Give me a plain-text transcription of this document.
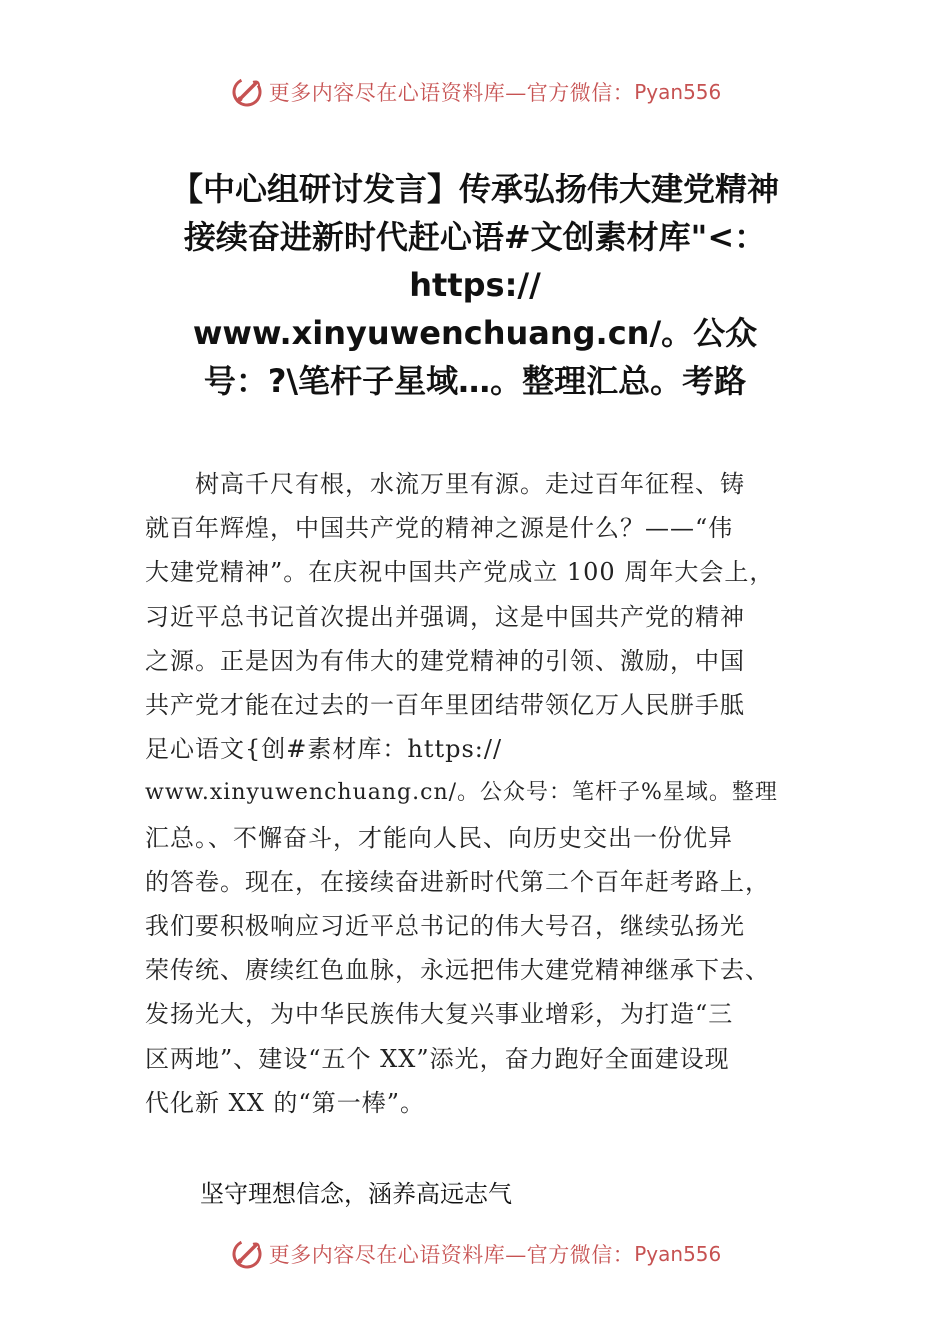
更多内容尽在心语资料库—官方微信： Pyan556
【中心组研讨发言】传承弘扬伟大建党精神
接续奋进新时代赶心语#文创素材库"<：
https://
www.xinyuwenchuang.cn/。公众
号：?\笔杆子星域…。整理汇总。考路
　　树高千尺有根，水流万里有源。走过百年征程、铸
就百年辉煌，中国共产党的精神之源是什么？——“伟
大建党精神”。在庆祝中国共产党成立 100 周年大会上，
习近平总书记首次提出并强调，这是中国共产党的精神
之源。正是因为有伟大的建党精神的引领、激励，中国
共产党才能在过去的一百年里团结带领亿万人民胼手胝
足心语文{创#素材库：https://
www.xinyuwenchuang.cn/。公众号：笔杆子%星域。整理
汇总。、不懈奋斗，才能向人民、向历史交出一份优异
的答卷。现在，在接续奋进新时代第二个百年赶考路上，
我们要积极响应习近平总书记的伟大号召，继续弘扬光
荣传统、赓续红色血脉，永远把伟大建党精神继承下去、
发扬光大，为中华民族伟大复兴事业增彩，为打造“三
区两地”、建设“五个 XX”添光，奋力跑好全面建设现
代化新 XX 的“第一棒”。
坚守理想信念，涵养高远志气
更多内容尽在心语资料库—官方微信： Pyan556
